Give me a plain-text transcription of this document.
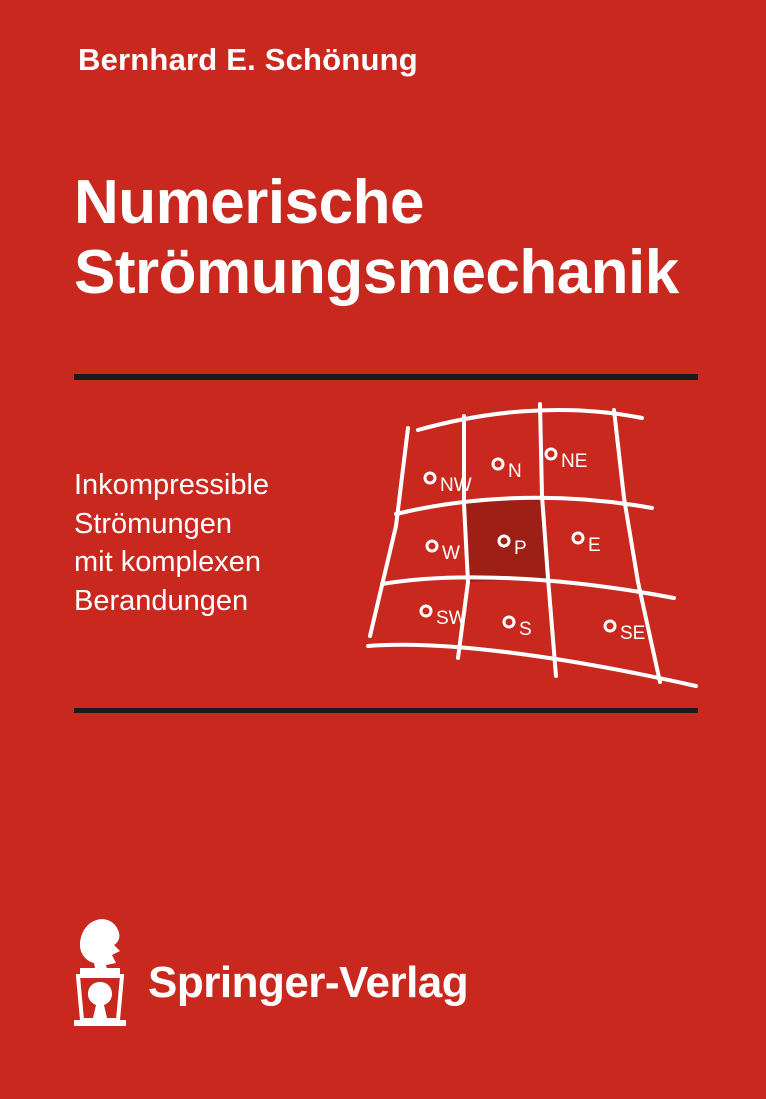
Bernhard E. Schönung
Numerische
Strömungsmechanik
Inkompressible
Strömungen
mit komplexen
Berandungen
NW
N NE
W	P	E
SW
S	SE
Springer-Verlag
